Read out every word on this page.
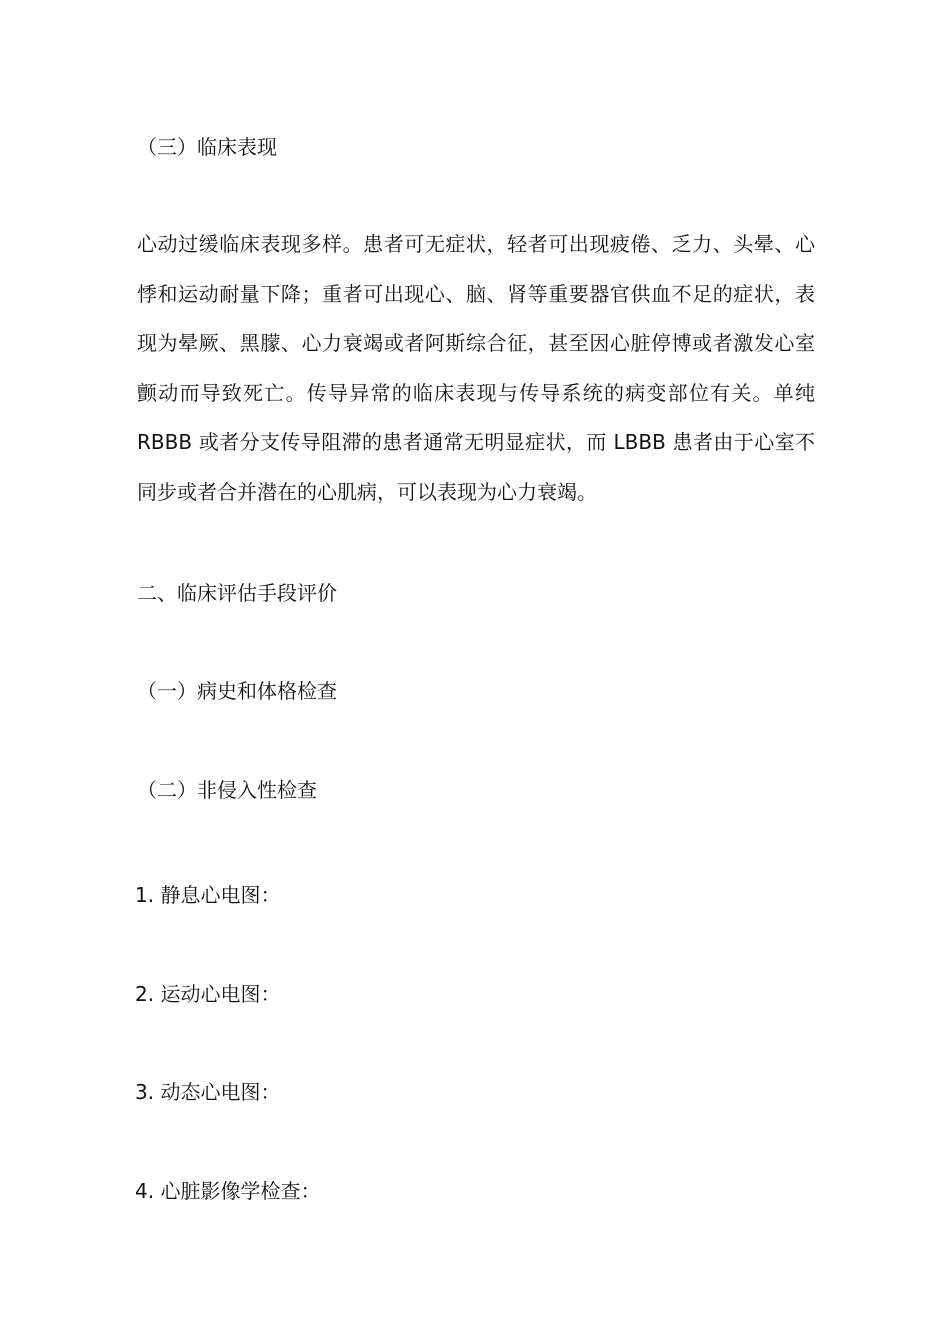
（三）临床表现
心动过缓临床表现多样。患者可无症状，轻者可出现疲倦、乏力、头晕、心
悸和运动耐量下降；重者可出现心、脑、肾等重要器官供血不足的症状，表
现为晕厥、黑朦、心力衰竭或者阿斯综合征，甚至因心脏停博或者激发心室
颤动而导致死亡。传导异常的临床表现与传导系统的病变部位有关。单纯
RBBB 或者分支传导阻滞的患者通常无明显症状，而 LBBB 患者由于心室不
同步或者合并潜在的心肌病，可以表现为心力衰竭。
二、临床评估手段评价
（一）病史和体格检查
（二）非侵入性检查
1. 静息心电图：
2. 运动心电图：
3. 动态心电图：
4. 心脏影像学检查：
